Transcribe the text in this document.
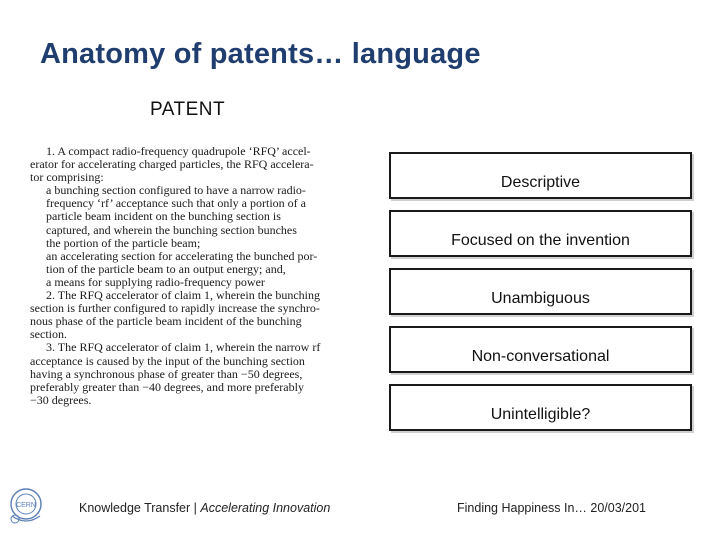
Anatomy of patents… language
PATENT
1. A compact radio-frequency quadrupole ‘RFQ’ accel-
erator for accelerating charged particles, the RFQ accelera-
tor comprising:
a bunching section configured to have a narrow radio-
frequency ‘rf’ acceptance such that only a portion of a
particle beam incident on the bunching section is
captured, and wherein the bunching section bunches
the portion of the particle beam;
an accelerating section for accelerating the bunched por-
tion of the particle beam to an output energy; and,
a means for supplying radio-frequency power
2. The RFQ accelerator of claim 1, wherein the bunching
section is further configured to rapidly increase the synchro-
nous phase of the particle beam incident of the bunching
section.
3. The RFQ accelerator of claim 1, wherein the narrow rf
acceptance is caused by the input of the bunching section
having a synchronous phase of greater than −50 degrees,
preferably greater than −40 degrees, and more preferably
−30 degrees.
Descriptive
Focused on the invention
Unambiguous
Non-conversational
Unintelligible?
CERN	Knowledge Transfer | Accelerating Innovation	Finding Happiness In… 20/03/201
